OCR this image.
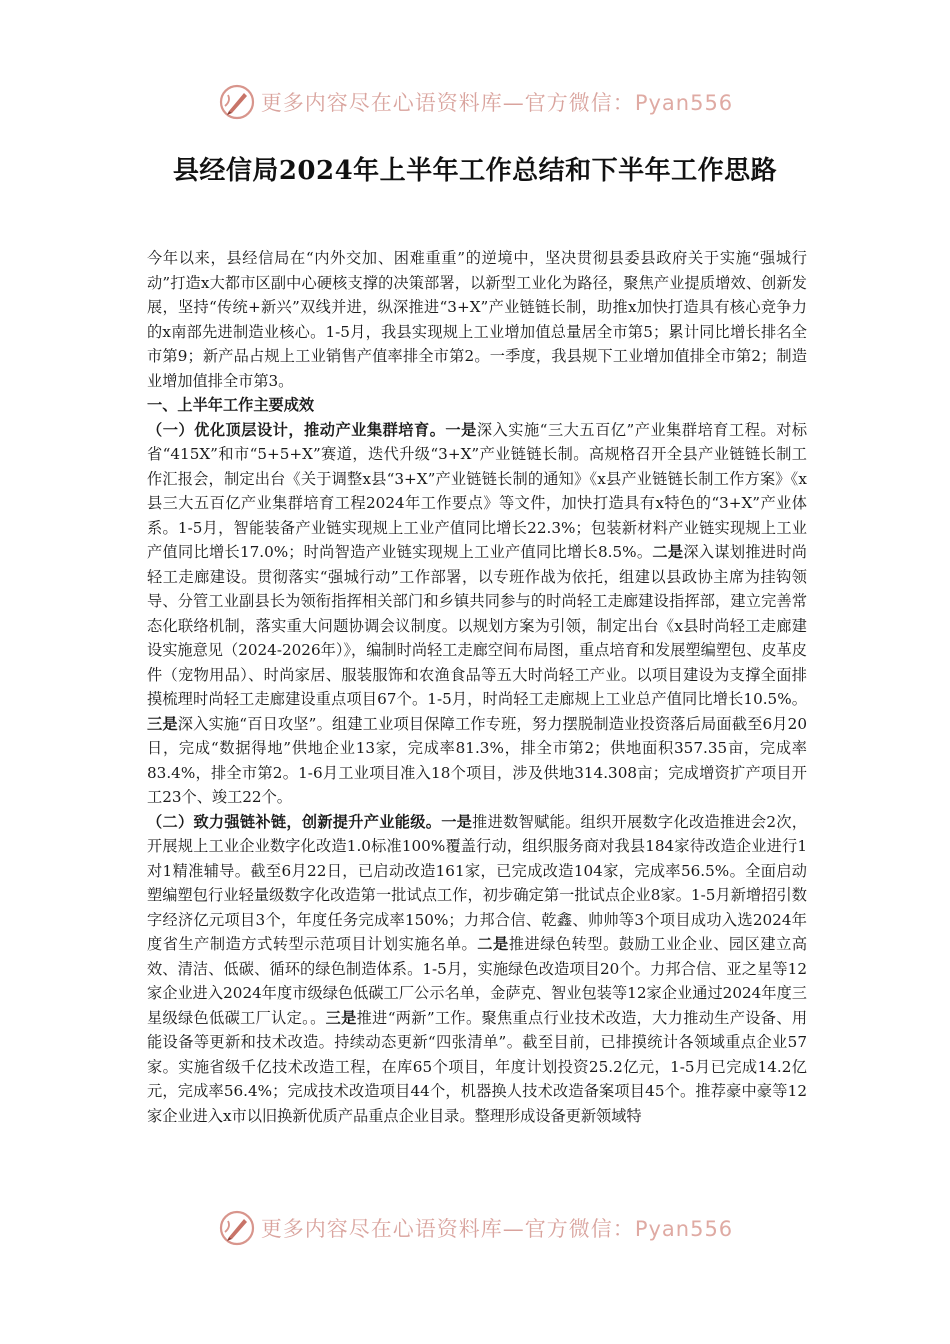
更多内容尽在心语资料库—官方微信：Pyan556
县经信局2024年上半年工作总结和下半年工作思路

今年以来，县经信局在“内外交加、困难重重”的逆境中，坚决贯彻县委县政府关于实施“强城行动”打造x大都市区副中心硬核支撑的决策部署，以新型工业化为路径，聚焦产业提质增效、创新发展，坚持“传统+新兴”双线并进，纵深推进“3+X”产业链链长制，助推x加快打造具有核心竞争力的x南部先进制造业核心。1-5月，我县实现规上工业增加值总量居全市第5；累计同比增长排名全市第9；新产品占规上工业销售产值率排全市第2。一季度，我县规下工业增加值排全市第2；制造业增加值排全市第3。

一、上半年工作主要成效

（一）优化顶层设计，推动产业集群培育。一是深入实施“三大五百亿”产业集群培育工程。对标省“415X”和市“5+5+X”赛道，迭代升级“3+X”产业链链长制。高规格召开全县产业链链长制工作汇报会，制定出台《关于调整x县“3+X”产业链链长制的通知》《x县产业链链长制工作方案》《x县三大五百亿产业集群培育工程2024年工作要点》等文件，加快打造具有x特色的“3+X”产业体系。1-5月，智能装备产业链实现规上工业产值同比增长22.3%；包装新材料产业链实现规上工业产值同比增长17.0%；时尚智造产业链实现规上工业产值同比增长8.5%。二是深入谋划推进时尚轻工走廊建设。贯彻落实“强城行动”工作部署，以专班作战为依托，组建以县政协主席为挂钩领导、分管工业副县长为领衔指挥相关部门和乡镇共同参与的时尚轻工走廊建设指挥部，建立完善常态化联络机制，落实重大问题协调会议制度。以规划方案为引领，制定出台《x县时尚轻工走廊建设实施意见（2024-2026年）》，编制时尚轻工走廊空间布局图，重点培育和发展塑编塑包、皮革皮件（宠物用品）、时尚家居、服装服饰和农渔食品等五大时尚轻工产业。以项目建设为支撑全面排摸梳理时尚轻工走廊建设重点项目67个。1-5月，时尚轻工走廊规上工业总产值同比增长10.5%。三是深入实施“百日攻坚”。组建工业项目保障工作专班，努力摆脱制造业投资落后局面截至6月20日，完成“数据得地”供地企业13家，完成率81.3%，排全市第2；供地面积357.35亩，完成率83.4%，排全市第2。1-6月工业项目准入18个项目，涉及供地314.308亩；完成增资扩产项目开工23个、竣工22个。

（二）致力强链补链，创新提升产业能级。一是推进数智赋能。组织开展数字化改造推进会2次，开展规上工业企业数字化改造1.0标准100%覆盖行动，组织服务商对我县184家待改造企业进行1对1精准辅导。截至6月22日，已启动改造161家，已完成改造104家，完成率56.5%。全面启动塑编塑包行业轻量级数字化改造第一批试点工作，初步确定第一批试点企业8家。1-5月新增招引数字经济亿元项目3个，年度任务完成率150%；力邦合信、乾鑫、帅帅等3个项目成功入选2024年度省生产制造方式转型示范项目计划实施名单。二是推进绿色转型。鼓励工业企业、园区建立高效、清洁、低碳、循环的绿色制造体系。1-5月，实施绿色改造项目20个。力邦合信、亚之星等12家企业进入2024年度市级绿色低碳工厂公示名单，金萨克、智业包装等12家企业通过2024年度三星级绿色低碳工厂认定。。三是推进“两新”工作。聚焦重点行业技术改造，大力推动生产设备、用能设备等更新和技术改造。持续动态更新“四张清单”。截至目前，已排摸统计各领域重点企业57家。实施省级千亿技术改造工程，在库65个项目，年度计划投资25.2亿元，1-5月已完成14.2亿元，完成率56.4%；完成技术改造项目44个，机器换人技术改造备案项目45个。推荐豪中豪等12家企业进入x市以旧换新优质产品重点企业目录。整理形成设备更新领域特

更多内容尽在心语资料库—官方微信：Pyan556
